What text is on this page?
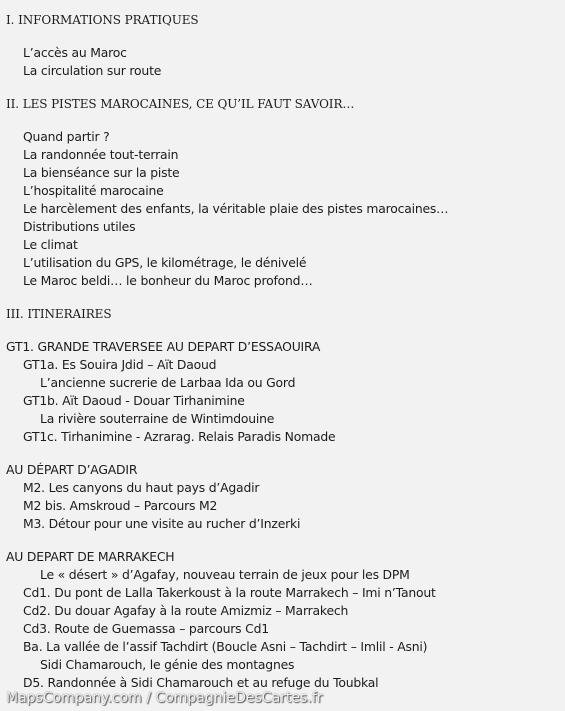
I. INFORMATIONS PRATIQUES
L’accès au Maroc
La circulation sur route
II. LES PISTES MAROCAINES, CE QU’IL FAUT SAVOIR…
Quand partir ?
La randonnée tout-terrain
La bienséance sur la piste
L’hospitalité marocaine
Le harcèlement des enfants, la véritable plaie des pistes marocaines…
Distributions utiles
Le climat
L’utilisation du GPS, le kilométrage, le dénivelé
Le Maroc beldi… le bonheur du Maroc profond…
III. ITINERAIRES
GT1. GRANDE TRAVERSEE AU DEPART D’ESSAOUIRA
GT1a. Es Souira Jdid – Aït Daoud
L’ancienne sucrerie de Larbaa Ida ou Gord
GT1b. Aït Daoud - Douar Tirhanimine
La rivière souterraine de Wintimdouine
GT1c. Tirhanimine - Azrarag. Relais Paradis Nomade
AU DÉPART D’AGADIR
M2. Les canyons du haut pays d’Agadir
M2 bis. Amskroud – Parcours M2
M3. Détour pour une visite au rucher d’Inzerki
AU DEPART DE MARRAKECH
Le « désert » d’Agafay, nouveau terrain de jeux pour les DPM
Cd1. Du pont de Lalla Takerkoust à la route Marrakech – Imi n’Tanout
Cd2. Du douar Agafay à la route Amizmiz – Marrakech
Cd3. Route de Guemassa – parcours Cd1
Ba. La vallée de l’assif Tachdirt (Boucle Asni – Tachdirt – Imlil - Asni)
Sidi Chamarouch, le génie des montagnes
D5. Randonnée à Sidi Chamarouch et au refuge du Toubkal
MapsCompany.com / CompagnieDesCartes.fr
